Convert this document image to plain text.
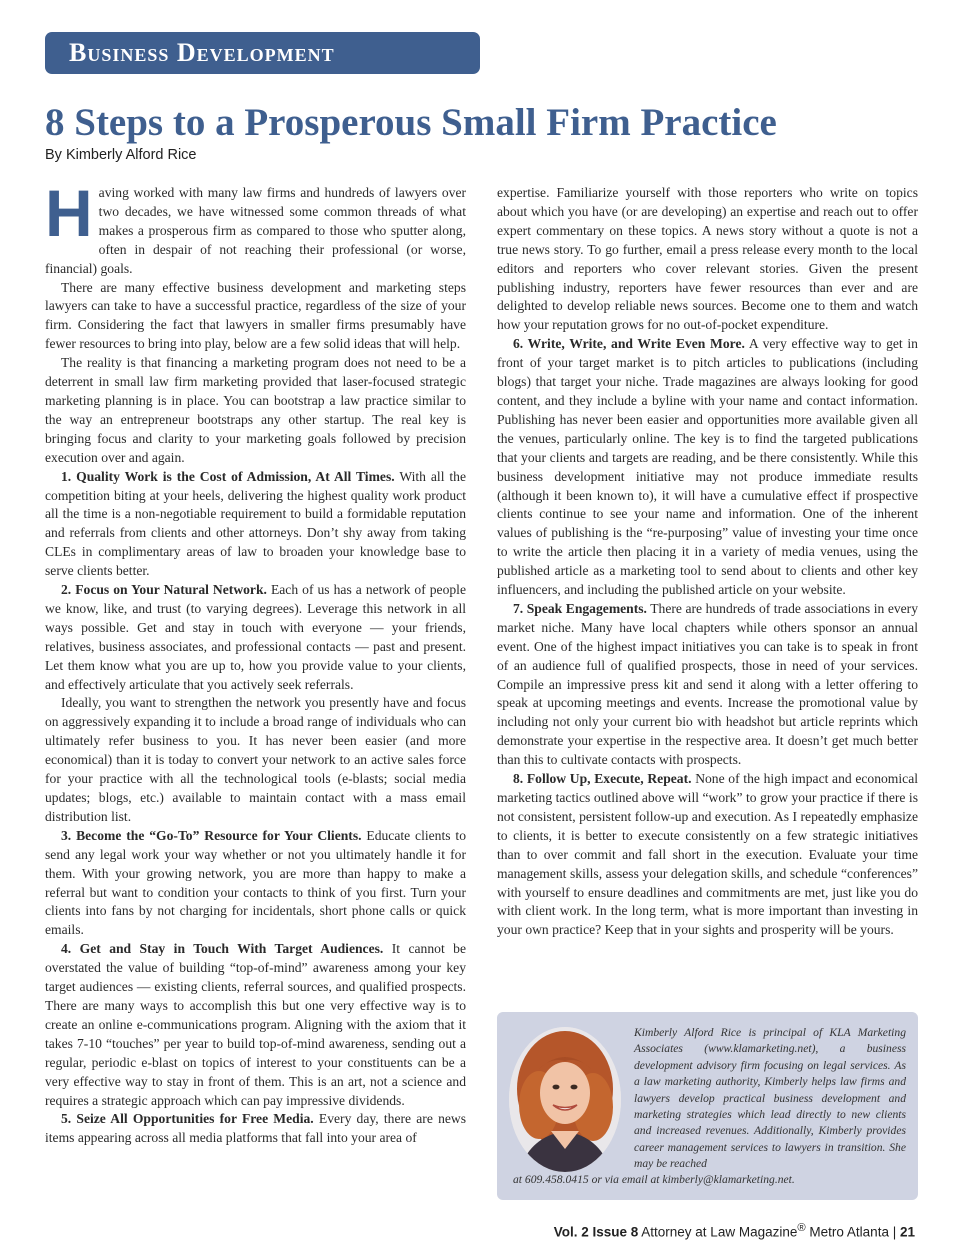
Business Development
8 Steps to a Prosperous Small Firm Practice
By Kimberly Alford Rice

Having worked with many law firms and hundreds of lawyers over two decades, we have witnessed some common threads of what makes a prosperous firm as compared to those who sputter along, often in despair of not reaching their professional (or worse, financial) goals.

There are many effective business development and marketing steps lawyers can take to have a successful practice, regardless of the size of your firm. Considering the fact that lawyers in smaller firms presumably have fewer resources to bring into play, below are a few solid ideas that will help.

The reality is that financing a marketing program does not need to be a deterrent in small law firm marketing provided that laser-focused strategic marketing planning is in place. You can bootstrap a law practice similar to the way an entrepreneur bootstraps any other startup. The real key is bringing focus and clarity to your marketing goals followed by precision execution over and again.

1. Quality Work is the Cost of Admission, At All Times. With all the competition biting at your heels, delivering the highest quality work product all the time is a non-negotiable requirement to build a formidable reputation and referrals from clients and other attorneys. Don’t shy away from taking CLEs in complimentary areas of law to broaden your knowledge base to serve clients better.

2. Focus on Your Natural Network. Each of us has a network of people we know, like, and trust (to varying degrees). Leverage this network in all ways possible. Get and stay in touch with everyone — your friends, relatives, business associates, and professional contacts — past and present. Let them know what you are up to, how you provide value to your clients, and effectively articulate that you actively seek referrals.

Ideally, you want to strengthen the network you presently have and focus on aggressively expanding it to include a broad range of individuals who can ultimately refer business to you. It has never been easier (and more economical) than it is today to convert your network to an active sales force for your practice with all the technological tools (e-blasts; social media updates; blogs, etc.) available to maintain contact with a mass email distribution list.

3. Become the “Go-To” Resource for Your Clients. Educate clients to send any legal work your way whether or not you ultimately handle it for them. With your growing network, you are more than happy to make a referral but want to condition your contacts to think of you first. Turn your clients into fans by not charging for incidentals, short phone calls or quick emails.

4. Get and Stay in Touch With Target Audiences. It cannot be overstated the value of building “top-of-mind” awareness among your key target audiences — existing clients, referral sources, and qualified prospects. There are many ways to accomplish this but one very effective way is to create an online e-communications program. Aligning with the axiom that it takes 7-10 “touches” per year to build top-of-mind awareness, sending out a regular, periodic e-blast on topics of interest to your constituents can be a very effective way to stay in front of them. This is an art, not a science and requires a strategic approach which can pay impressive dividends.

5. Seize All Opportunities for Free Media. Every day, there are news items appearing across all media platforms that fall into your area of

expertise. Familiarize yourself with those reporters who write on topics about which you have (or are developing) an expertise and reach out to offer expert commentary on these topics. A news story without a quote is not a true news story. To go further, email a press release every month to the local editors and reporters who cover relevant stories. Given the present publishing industry, reporters have fewer resources than ever and are delighted to develop reliable news sources. Become one to them and watch how your reputation grows for no out-of-pocket expenditure.

6. Write, Write, and Write Even More. A very effective way to get in front of your target market is to pitch articles to publications (including blogs) that target your niche. Trade magazines are always looking for good content, and they include a byline with your name and contact information. Publishing has never been easier and opportunities more available given all the venues, particularly online. The key is to find the targeted publications that your clients and targets are reading, and be there consistently. While this business development initiative may not produce immediate results (although it been known to), it will have a cumulative effect if prospective clients continue to see your name and information. One of the inherent values of publishing is the “re-purposing” value of investing your time once to write the article then placing it in a variety of media venues, using the published article as a marketing tool to send about to clients and other key influencers, and including the published article on your website.

7. Speak Engagements. There are hundreds of trade associations in every market niche. Many have local chapters while others sponsor an annual event. One of the highest impact initiatives you can take is to speak in front of an audience full of qualified prospects, those in need of your services. Compile an impressive press kit and send it along with a letter offering to speak at upcoming meetings and events. Increase the promotional value by including not only your current bio with headshot but article reprints which demonstrate your expertise in the respective area. It doesn’t get much better than this to cultivate contacts with prospects.

8. Follow Up, Execute, Repeat. None of the high impact and economical marketing tactics outlined above will “work” to grow your practice if there is not consistent, persistent follow-up and execution. As I repeatedly emphasize to clients, it is better to execute consistently on a few strategic initiatives than to over commit and fall short in the execution. Evaluate your time management skills, assess your delegation skills, and schedule “conferences” with yourself to ensure deadlines and commitments are met, just like you do with client work. In the long term, what is more important than investing in your own practice? Keep that in your sights and prosperity will be yours.

Kimberly Alford Rice is principal of KLA Marketing Associates (www.klamarketing.net), a business development advisory firm focusing on legal services. As a law marketing authority, Kimberly helps law firms and lawyers develop practical business development and marketing strategies which lead directly to new clients and increased revenues. Additionally, Kimberly provides career management services to lawyers in transition. She may be reached
at 609.458.0415 or via email at kimberly@klamarketing.net.
Vol. 2 Issue 8 Attorney at Law Magazine® Metro Atlanta | 21
